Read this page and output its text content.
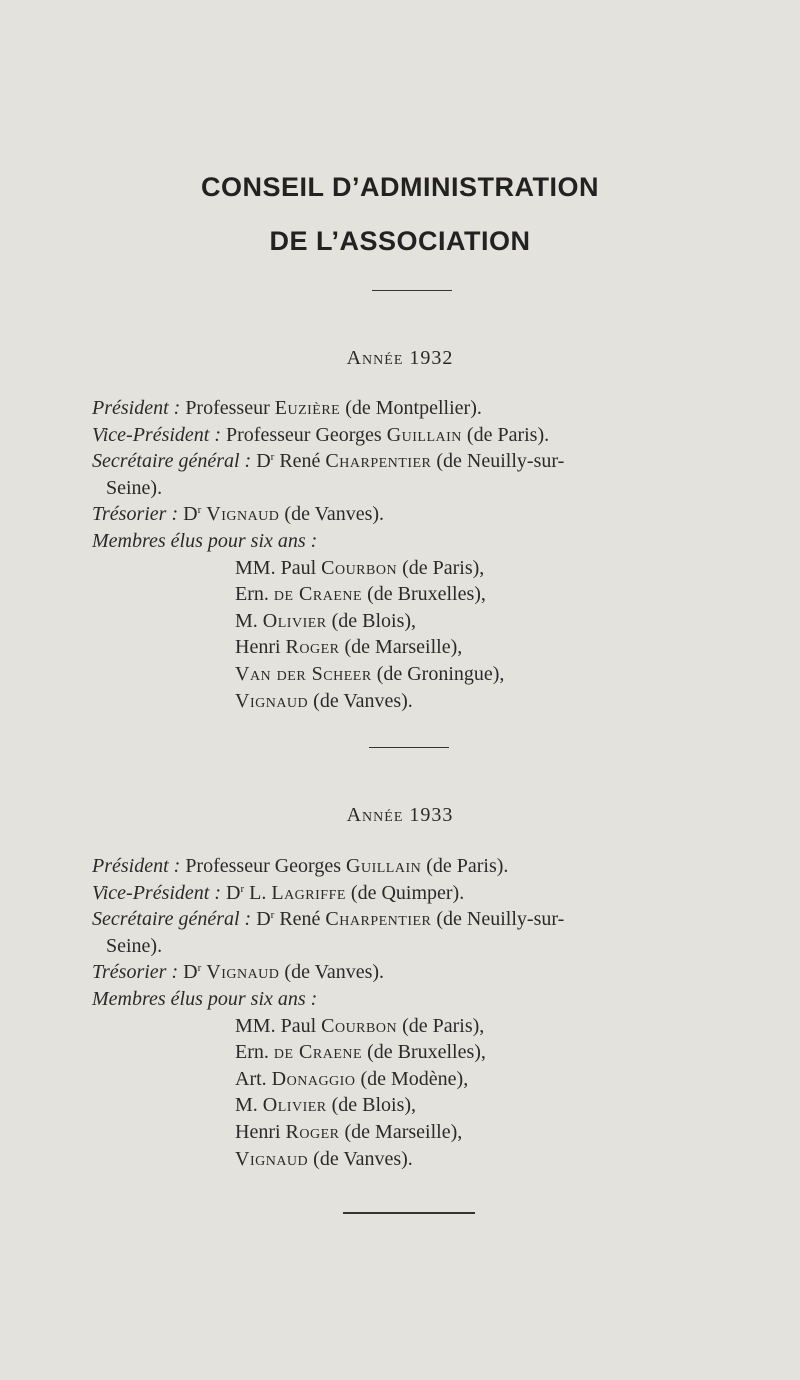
CONSEIL D’ADMINISTRATION
DE L’ASSOCIATION
Année 1932
Président : Professeur Euzière (de Montpellier).
Vice-Président : Professeur Georges Guillain (de Paris).
Secrétaire général : $D^r$ René Charpentier (de Neuilly-sur-
Seine).
Trésorier : $D^r$ Vignaud (de Vanves).
Membres élus pour six ans :
MM. Paul Courbon (de Paris),
Ern. de Craene (de Bruxelles),
M. Olivier (de Blois),
Henri Roger (de Marseille),
Van der Scheer (de Groningue),
Vignaud (de Vanves).
Année 1933
Président : Professeur Georges Guillain (de Paris).
Vice-Président : $D^r$ L. Lagriffe (de Quimper).
Secrétaire général : $D^r$ René Charpentier (de Neuilly-sur-
Seine).
Trésorier : $D^r$ Vignaud (de Vanves).
Membres élus pour six ans :
MM. Paul Courbon (de Paris),
Ern. de Craene (de Bruxelles),
Art. Donaggio (de Modène),
M. Olivier (de Blois),
Henri Roger (de Marseille),
Vignaud (de Vanves).
